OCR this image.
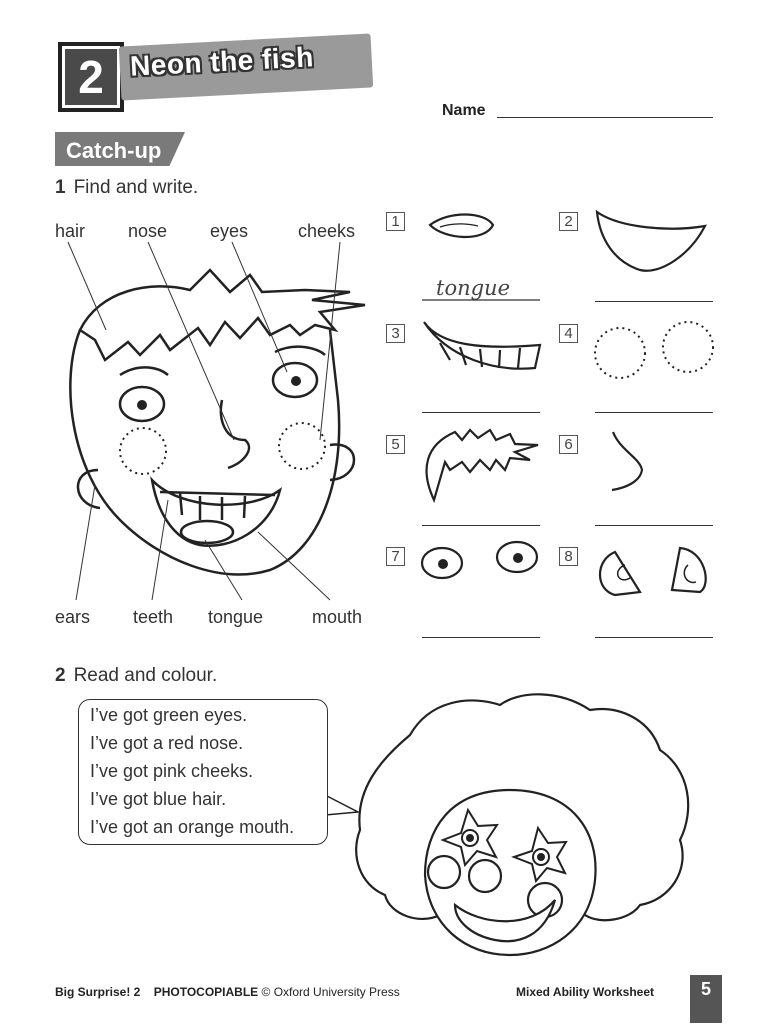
2 Neon the fish
Name
Catch-up
1 Find and write.
hair nose eyes	cheeks
ears teeth tongue	mouth
1	2
3	4
5	6
7	8
tongue
2 Read and colour.
I’ve got green eyes.
I’ve got a red nose.
I’ve got pink cheeks.
I’ve got blue hair.
I’ve got an orange mouth.
Big Surprise! 2 PHOTOCOPIABLE © Oxford University Press	Mixed Ability Worksheet	5
